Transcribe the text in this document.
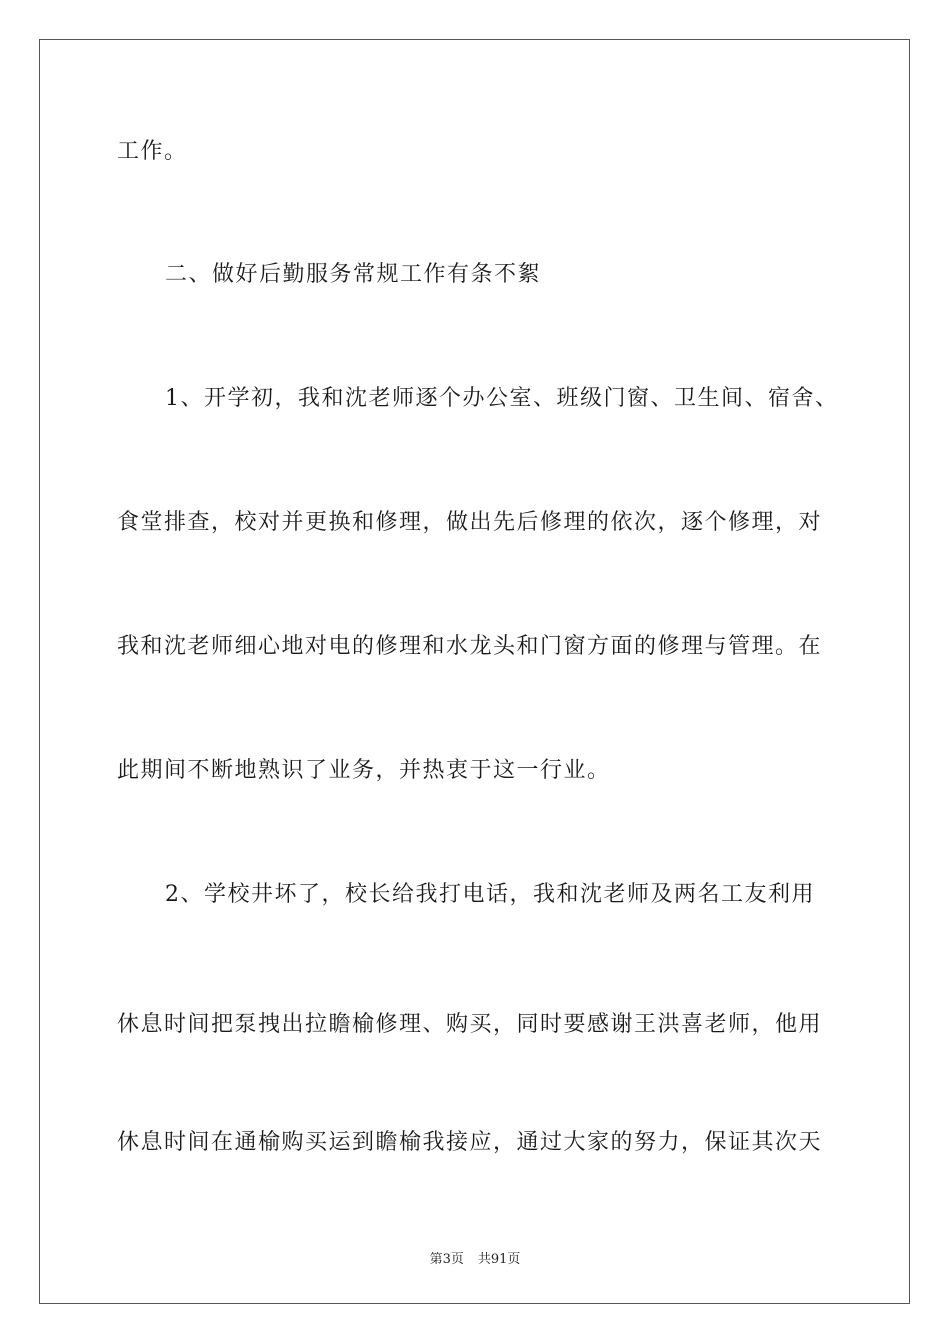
工作。
二、做好后勤服务常规工作有条不絮
1、开学初，我和沈老师逐个办公室、班级门窗、卫生间、宿舍、
食堂排查，校对并更换和修理，做出先后修理的依次，逐个修理，对
我和沈老师细心地对电的修理和水龙头和门窗方面的修理与管理。在
此期间不断地熟识了业务，并热衷于这一行业。
2、学校井坏了，校长给我打电话，我和沈老师及两名工友利用
休息时间把泵拽出拉瞻榆修理、购买，同时要感谢王洪喜老师，他用
休息时间在通榆购买运到瞻榆我接应，通过大家的努力，保证其次天
第3页 共91页
